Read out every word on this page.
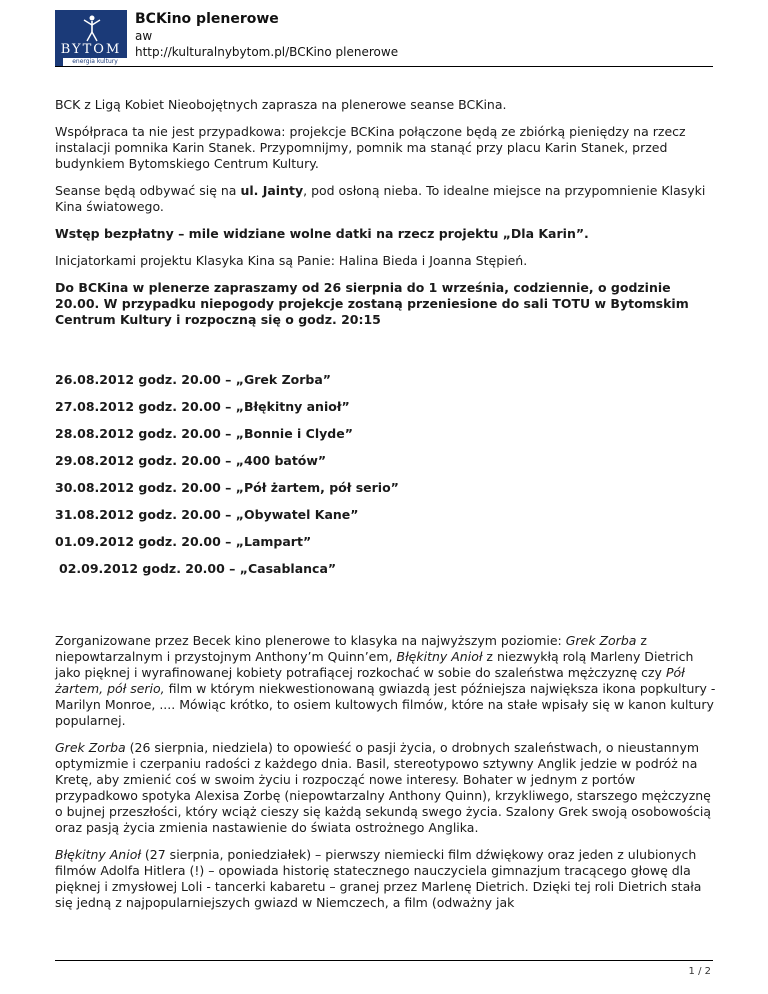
BYTOM
energia kultury
BCKino plenerowe
aw
http://kulturalnybytom.pl/BCKino plenerowe

BCK z Ligą Kobiet Nieobojętnych zaprasza na plenerowe seanse BCKina.

Współpraca ta nie jest przypadkowa: projekcje BCKina połączone będą ze zbiórką pieniędzy na rzecz instalacji pomnika Karin Stanek. Przypomnijmy, pomnik ma stanąć przy placu Karin Stanek, przed budynkiem Bytomskiego Centrum Kultury.

Seanse będą odbywać się na ul. Jainty, pod osłoną nieba. To idealne miejsce na przypomnienie Klasyki Kina światowego.

Wstęp bezpłatny – mile widziane wolne datki na rzecz projektu „Dla Karin”.

Inicjatorkami projektu Klasyka Kina są Panie: Halina Bieda i Joanna Stępień.

Do BCKina w plenerze zapraszamy od 26 sierpnia do 1 września, codziennie, o godzinie 20.00. W przypadku niepogody projekcje zostaną przeniesione do sali TOTU w Bytomskim Centrum Kultury i rozpoczną się o godz. 20:15

26.08.2012 godz. 20.00 – „Grek Zorba”

27.08.2012 godz. 20.00 – „Błękitny anioł”

28.08.2012 godz. 20.00 – „Bonnie i Clyde”

29.08.2012 godz. 20.00 – „400 batów”

30.08.2012 godz. 20.00 – „Pół żartem, pół serio”

31.08.2012 godz. 20.00 – „Obywatel Kane”

01.09.2012 godz. 20.00 – „Lampart”

02.09.2012 godz. 20.00 – „Casablanca”

Zorganizowane przez Becek kino plenerowe to klasyka na najwyższym poziomie: Grek Zorba z niepowtarzalnym i przystojnym Anthony’m Quinn’em, Błękitny Anioł z niezwykłą rolą Marleny Dietrich jako pięknej i wyrafinowanej kobiety potrafiącej rozkochać w sobie do szaleństwa mężczyznę czy Pół żartem, pół serio, film w którym niekwestionowaną gwiazdą jest późniejsza największa ikona popkultury - Marilyn Monroe, .... Mówiąc krótko, to osiem kultowych filmów, które na stałe wpisały się w kanon kultury popularnej.

Grek Zorba (26 sierpnia, niedziela) to opowieść o pasji życia, o drobnych szaleństwach, o nieustannym optymizmie i czerpaniu radości z każdego dnia. Basil, stereotypowo sztywny Anglik jedzie w podróż na Kretę, aby zmienić coś w swoim życiu i rozpocząć nowe interesy. Bohater w jednym z portów przypadkowo spotyka Alexisa Zorbę (niepowtarzalny Anthony Quinn), krzykliwego, starszego mężczyznę o bujnej przeszłości, który wciąż cieszy się każdą sekundą swego życia. Szalony Grek swoją osobowością oraz pasją życia zmienia nastawienie do świata ostrożnego Anglika.

Błękitny Anioł (27 sierpnia, poniedziałek) – pierwszy niemiecki film dźwiękowy oraz jeden z ulubionych filmów Adolfa Hitlera (!) – opowiada historię statecznego nauczyciela gimnazjum tracącego głowę dla pięknej i zmysłowej Loli - tancerki kabaretu – granej przez Marlenę Dietrich. Dzięki tej roli Dietrich stała się jedną z najpopularniejszych gwiazd w Niemczech, a film (odważny jak

1 / 2
